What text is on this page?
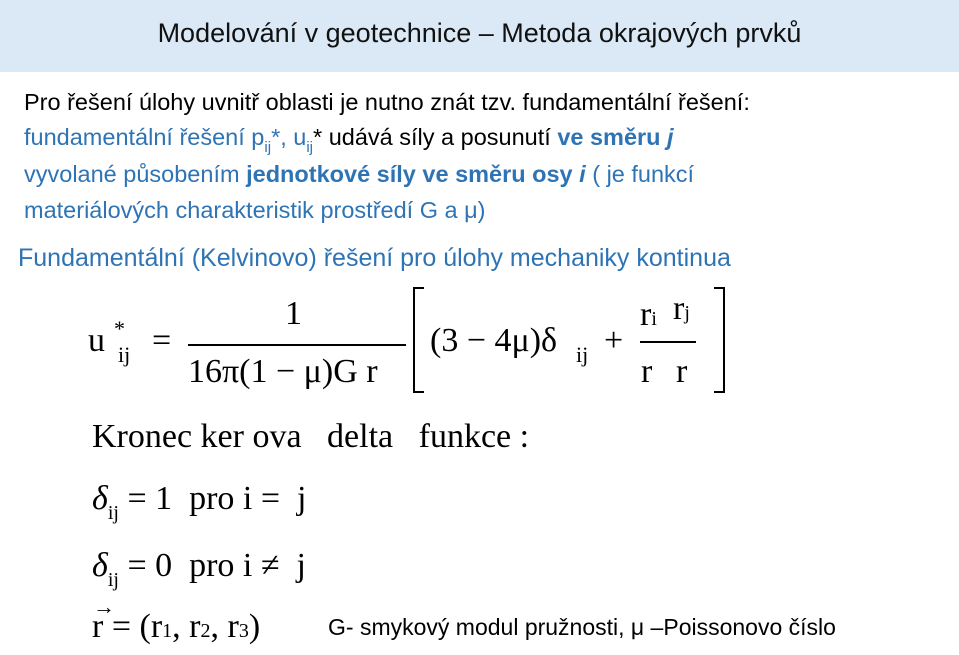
Modelování v geotechnice – Metoda okrajových prvků
Pro řešení úlohy uvnitř oblasti je nutno znát tzv. fundamentální řešení:
fundamentální řešení $p_{ij}*$, $u_{ij}*$ udává síly a posunutí ve směru j
vyvolané působením jednotkové síly ve směru osy i ( je funkcí
materiálových charakteristik prostředí G a μ)
Fundamentální (Kelvinovo) řešení pro úlohy mechaniky kontinua
u *
ij =
1
16π(1 − μ)G r
(3 − 4μ)δ ij +
ri rj
r r
Kronec ker ova   delta   funkce :
$\delta_{ij} = 1$  pro i =  j
$\delta_{ij} = 0$  pro i ≠  j
r
→
= (r1, r2, r3)	G- smykový modul pružnosti, μ –Poissonovo číslo
